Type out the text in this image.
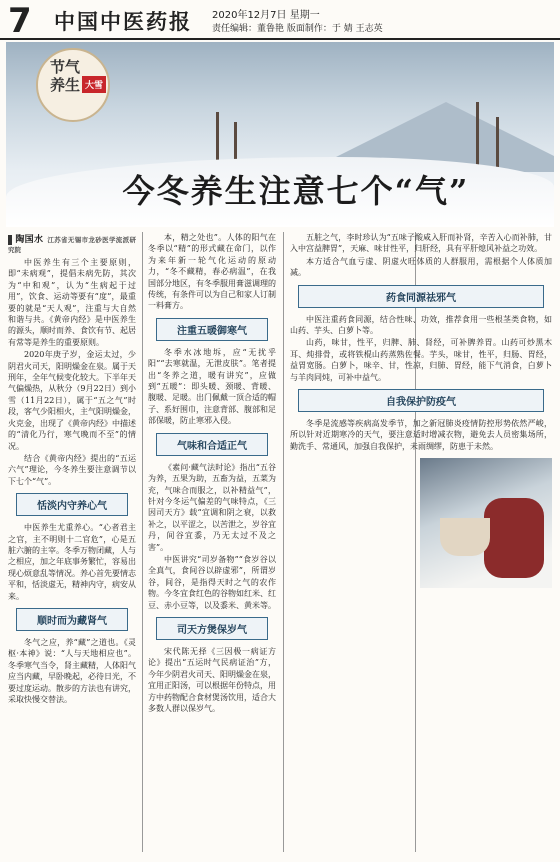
7 中国中医药报 2020年12月7日 星期一
责任编辑：董鲁艳 版面制作：于 婧 王志英
节气养生 大雪
今冬养生注意七个“气”
陶国水 江苏省无锡市龙砂医学流派研究院

中医养生有三个主要原则，即“未病观”，提倡未病先防，其次为“中和观”，认为“生病起于过用”，饮食、运动等要有“度”，最重要的就是“天人观”，注重与大自然和谐与共。《黄帝内经》是中医养生的源头，顺时而养、食饮有节、起居有常等是养生的重要原则。

2020年庚子岁，金运太过，少阴君火司天，阳明燥金在泉。属于天刑年，全年气候变化较大。下半年天气偏燥热，从秋分（9月22日）到小雪（11月22日），属于“五之气”时段，客气少阳相火，主气阳明燥金，火克金，出现了《黄帝内经》中描述的“清化乃行，寒气晚而不至”的情况。

结合《黄帝内经》提出的“五运六气”理论，今冬养生要注意调节以下七个“气”。

恬淡内守养心气

中医养生尤重养心。“心者君主之官，主不明则十二官危”，心是五脏六腑的主宰。冬季万物闭藏，人与之相应，加之年底事务繁忙，容易出现心烦意乱等情况。养心首先要情志平和，恬淡虚无，精神内守，病安从来。

顺时而为藏肾气

冬气之应，养“藏”之道也。《灵枢·本神》说：“人与天地相应也”。冬季寒气当令，肾主藏精，人体阳气应当内藏，早卧晚起，必待日光，不要过度运动。散步的方法也有讲究，采取快慢交替法。

本，精之处也”。人体的阳气在冬季以“精”的形式藏在命门，以作为来年新一轮气化运动的原动力，“冬不藏精，春必病温”，在我国部分地区，有冬季服用膏滋调理的传统，有条件可以为自己和家人订制一料膏方。

注重五暖御寒气

冬季水冰地坼，应“无扰乎阳”“去寒就温，无泄皮肤”。笔者提出“冬养之道，暖有讲究”，应做到“五暖”：即头暖、颈暖、背暖、腹暖、足暖。出门佩戴一顶合适的帽子、系好围巾，注意背部、腹部和足部保暖，防止寒邪入侵。

气味和合适正气

《素问·藏气法时论》指出“五谷为养，五果为助，五畜为益，五菜为充，气味合而服之，以补精益气”，针对今冬运气偏差的气味特点，《三因司天方》载“宜调和阴之衰，以救补之，以平涩之，以苦泄之，岁谷宜丹，间谷宜黍，乃无太过不及之害”。

中医讲究“司岁备物”“食岁谷以全真气，食间谷以辟虚邪”，所谓岁谷，间谷，是指得天时之气的农作物。今冬宜食红色的谷物如红米、红豆、赤小豆等，以及黍米、黄米等。

司天方煲保岁气

宋代陈无择《三因极一病证方论》提出“五运时气民病证治”方，今年少阴君火司天、阳明燥金在泉，宜用正阳汤，可以根据年份特点，用方中药物配合食材煲汤饮用，适合大多数人群以保岁气。

五脏之气，李时珍认为“五味子酸咸入肝而补肾，辛苦入心而补肺，甘入中宫益脾胃”，天麻、味甘性平，归肝经，具有平肝熄风补益之功效。

本方适合气血亏虚、阴虚火旺体质的人群服用，需根据个人体质加减。

药食同源祛邪气

中医注重药食同源，结合性味、功效，推荐食用一些根茎类食物，如山药、芋头、白萝卜等。

山药，味甘，性平，归脾、肺、肾经，可补脾养胃。山药可炒黑木耳、炖排骨，或将铁棍山药蒸熟佐餐。芋头，味甘，性平，归肠、胃经，益胃宽肠。白萝卜，味辛、甘，性凉，归肺、胃经，能下气消食，白萝卜与羊肉同炖，可补中益气。

自我保护防疫气

冬季是流感等疾病高发季节，加之新冠肺炎疫情防控形势依然严峻，所以针对近期寒冷的天气，要注意适时增减衣物，避免去人员密集场所，勤洗手、常通风，加强自我保护，未雨绸缪，防患于未然。
